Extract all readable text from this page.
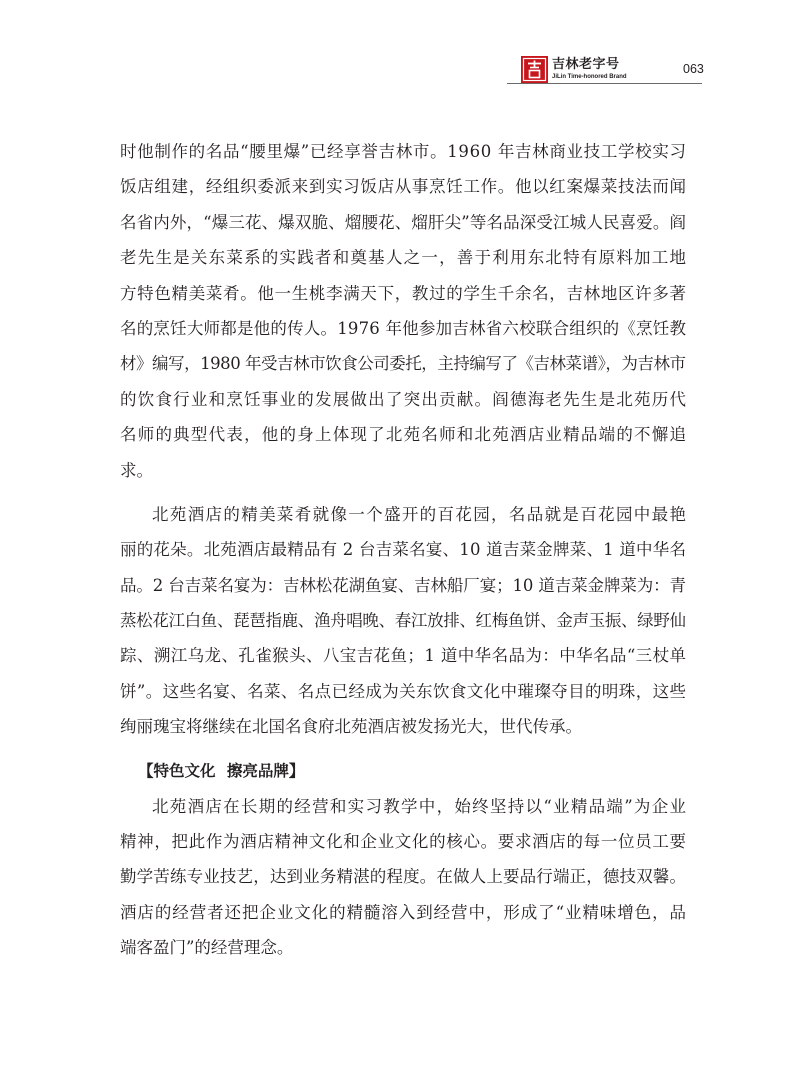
吉林老字号
JiLin Time-honored Brand
063
时他制作的名品“腰里爆”已经享誉吉林市。1960 年吉林商业技工学校实习
饭店组建，经组织委派来到实习饭店从事烹饪工作。他以红案爆菜技法而闻
名省内外，“爆三花、爆双脆、熘腰花、熘肝尖”等名品深受江城人民喜爱。阎
老先生是关东菜系的实践者和奠基人之一，善于利用东北特有原料加工地
方特色精美菜肴。他一生桃李满天下，教过的学生千余名，吉林地区许多著
名的烹饪大师都是他的传人。1976 年他参加吉林省六校联合组织的《烹饪教
材》编写，1980 年受吉林市饮食公司委托，主持编写了《吉林菜谱》，为吉林市
的饮食行业和烹饪事业的发展做出了突出贡献。阎德海老先生是北苑历代
名师的典型代表，他的身上体现了北苑名师和北苑酒店业精品端的不懈追
求。
北苑酒店的精美菜肴就像一个盛开的百花园，名品就是百花园中最艳
丽的花朵。北苑酒店最精品有 2 台吉菜名宴、10 道吉菜金牌菜、1 道中华名
品。2 台吉菜名宴为：吉林松花湖鱼宴、吉林船厂宴；10 道吉菜金牌菜为：青
蒸松花江白鱼、琵琶指鹿、渔舟唱晚、春江放排、红梅鱼饼、金声玉振、绿野仙
踪、溯江乌龙、孔雀猴头、八宝吉花鱼；1 道中华名品为：中华名品“三杖单
饼”。这些名宴、名菜、名点已经成为关东饮食文化中璀璨夺目的明珠，这些
绚丽瑰宝将继续在北国名食府北苑酒店被发扬光大，世代传承。
【特色文化 擦亮品牌】
北苑酒店在长期的经营和实习教学中，始终坚持以“业精品端”为企业
精神，把此作为酒店精神文化和企业文化的核心。要求酒店的每一位员工要
勤学苦练专业技艺，达到业务精湛的程度。在做人上要品行端正，德技双馨。
酒店的经营者还把企业文化的精髓溶入到经营中，形成了“业精味增色，品
端客盈门”的经营理念。
